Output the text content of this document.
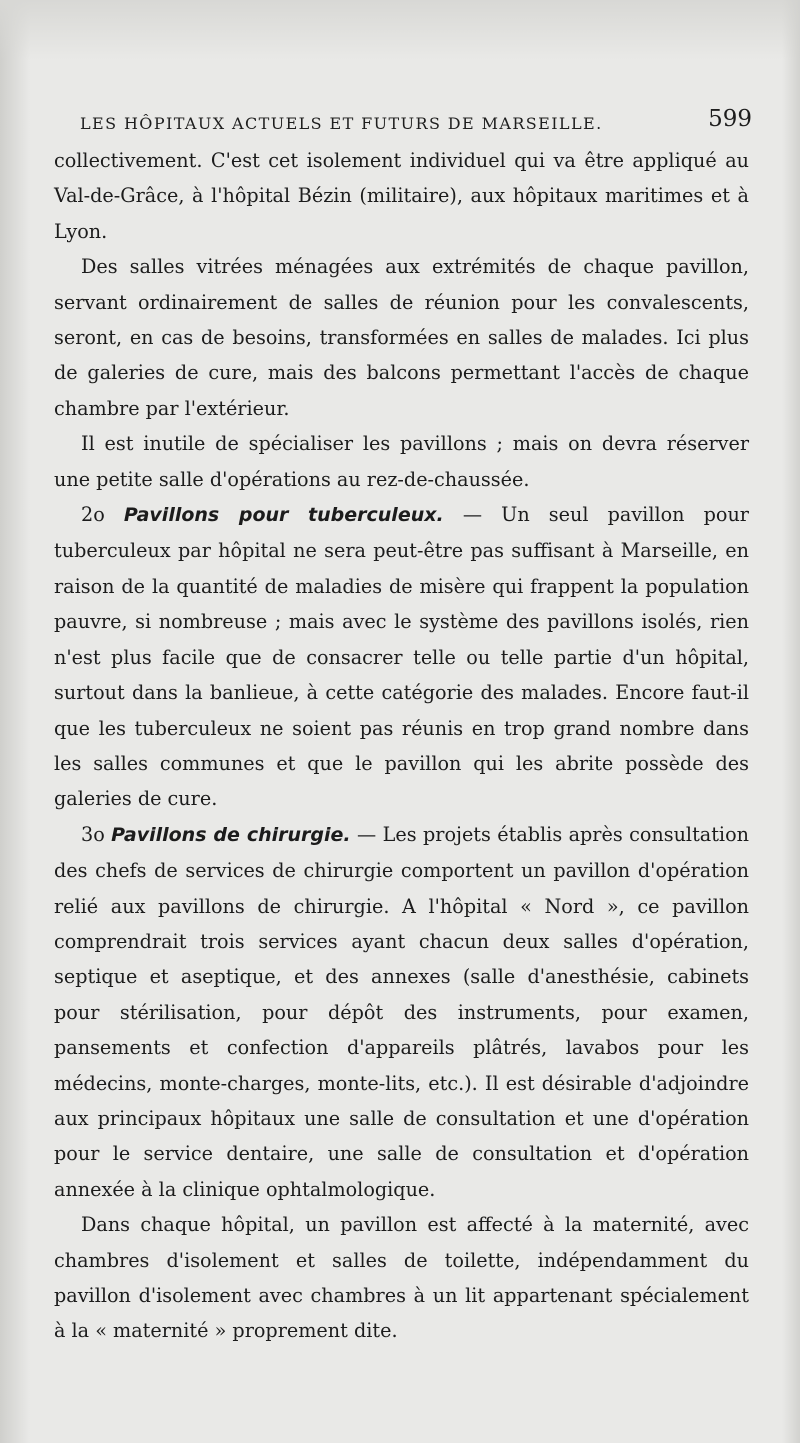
LES HÔPITAUX ACTUELS ET FUTURS DE MARSEILLE.	599

collectivement. C'est cet isolement individuel qui va être appliqué au Val-de-Grâce, à l'hôpital Bézin (militaire), aux hôpitaux maritimes et à Lyon.

Des salles vitrées ménagées aux extrémités de chaque pavillon, servant ordinairement de salles de réunion pour les convalescents, seront, en cas de besoins, transformées en salles de malades. Ici plus de galeries de cure, mais des balcons permettant l'accès de chaque chambre par l'extérieur.

Il est inutile de spécialiser les pavillons ; mais on devra réserver une petite salle d'opérations au rez-de-chaussée.

2o Pavillons pour tuberculeux. — Un seul pavillon pour tuberculeux par hôpital ne sera peut-être pas suffisant à Marseille, en raison de la quantité de maladies de misère qui frappent la population pauvre, si nombreuse ; mais avec le système des pavillons isolés, rien n'est plus facile que de consacrer telle ou telle partie d'un hôpital, surtout dans la banlieue, à cette catégorie des malades. Encore faut-il que les tuberculeux ne soient pas réunis en trop grand nombre dans les salles communes et que le pavillon qui les abrite possède des galeries de cure.

3o Pavillons de chirurgie. — Les projets établis après consultation des chefs de services de chirurgie comportent un pavillon d'opération relié aux pavillons de chirurgie. A l'hôpital « Nord », ce pavillon comprendrait trois services ayant chacun deux salles d'opération, septique et aseptique, et des annexes (salle d'anesthésie, cabinets pour stérilisation, pour dépôt des instruments, pour examen, pansements et confection d'appareils plâtrés, lavabos pour les médecins, monte-charges, monte-lits, etc.). Il est désirable d'adjoindre aux principaux hôpitaux une salle de consultation et une d'opération pour le service dentaire, une salle de consultation et d'opération annexée à la clinique ophtalmologique.

Dans chaque hôpital, un pavillon est affecté à la maternité, avec chambres d'isolement et salles de toilette, indépendamment du pavillon d'isolement avec chambres à un lit appartenant spécialement à la « maternité » proprement dite.
